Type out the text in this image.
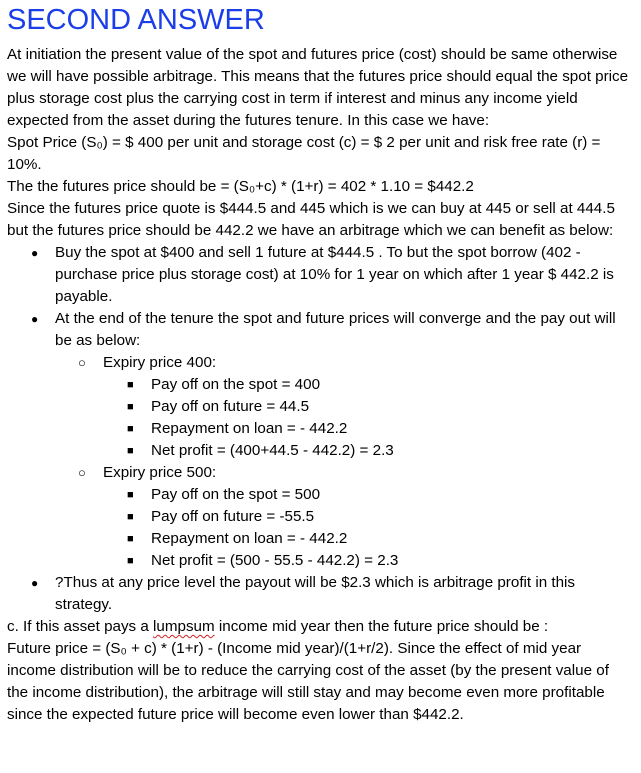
SECOND ANSWER

At initiation the present value of the spot and futures price (cost) should be same otherwise we will have possible arbitrage. This means that the futures price should equal the spot price plus storage cost plus the carrying cost in term if interest and minus any income yield expected from the asset during the futures tenure. In this case we have:

Spot Price (S₀) = $ 400 per unit and storage cost (c) = $ 2 per unit and risk free rate (r) = 10%.

The the futures price should be = (S₀+c) * (1+r) = 402 * 1.10 = $442.2

Since the futures price quote is $444.5 and 445 which is we can buy at 445 or sell at 444.5 but the futures price should be 442.2 we have an arbitrage which we can benefit as below:

● Buy the spot at $400 and sell 1 future at $444.5 . To but the spot borrow (402 - purchase price plus storage cost) at 10% for 1 year on which after 1 year $ 442.2 is payable.
● At the end of the tenure the spot and future prices will converge and the pay out will be as below:
○ Expiry price 400:
■ Pay off on the spot = 400
■ Pay off on future = 44.5
■ Repayment on loan = - 442.2
■ Net profit = (400+44.5 - 442.2) = 2.3
○ Expiry price 500:
■ Pay off on the spot = 500
■ Pay off on future = -55.5
■ Repayment on loan = - 442.2
■ Net profit = (500 - 55.5 - 442.2) = 2.3
● ?Thus at any price level the payout will be $2.3 which is arbitrage profit in this strategy.

c. If this asset pays a lumpsum income mid year then the future price should be :

Future price = (S₀ + c) * (1+r) - (Income mid year)/(1+r/2). Since the effect of mid year income distribution will be to reduce the carrying cost of the asset (by the present value of the income distribution), the arbitrage will still stay and may become even more profitable since the expected future price will become even lower than $442.2.
